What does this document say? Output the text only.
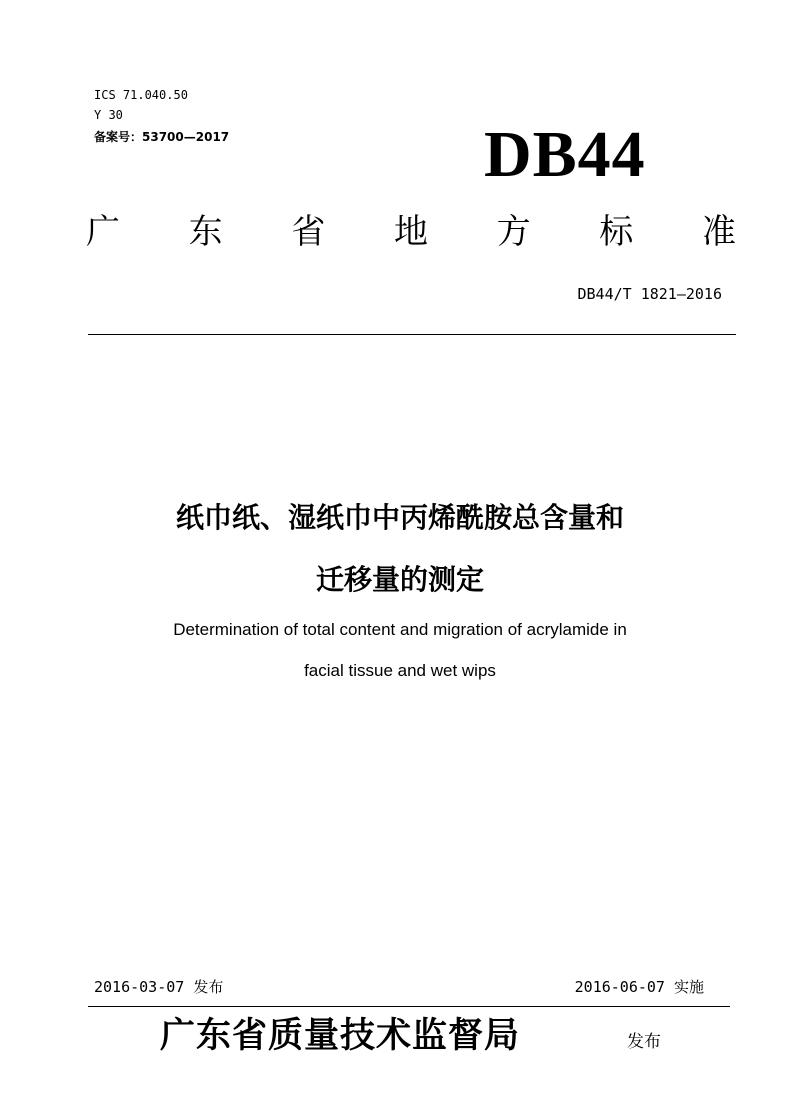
ICS 71.040.50
Y 30
备案号：53700—2017	DB44
广 东 省 地 方 标 准
DB44/T 1821—2016
纸巾纸、湿纸巾中丙烯酰胺总含量和
迁移量的测定
Determination of total content and migration of acrylamide in
facial tissue and wet wips
2016-03-07 发布	2016-06-07 实施
广东省质量技术监督局	发布
